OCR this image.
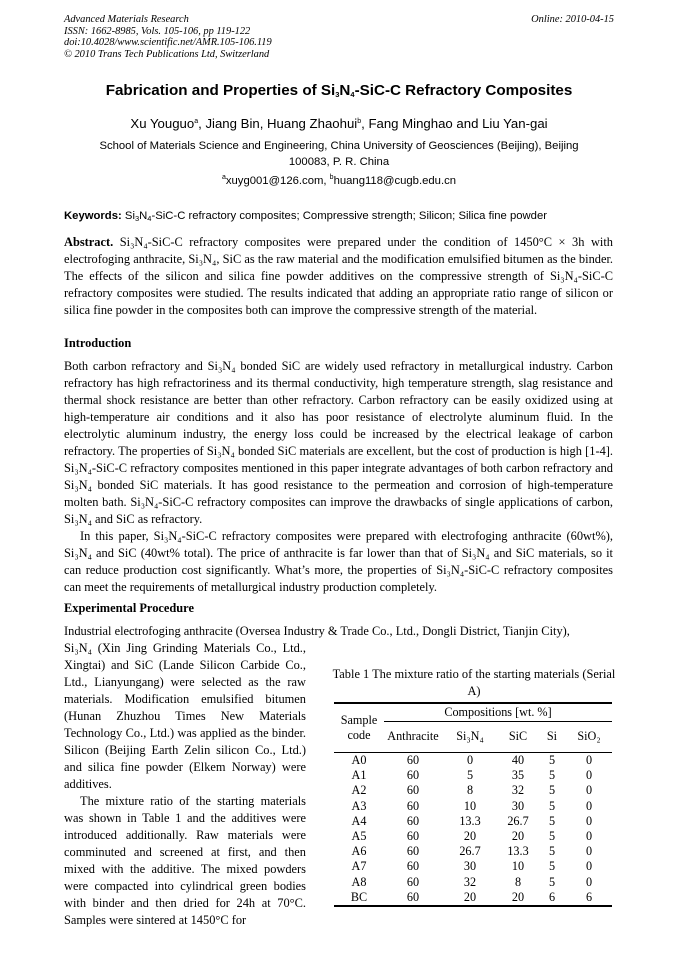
Advanced Materials Research
ISSN: 1662-8985, Vols. 105-106, pp 119-122
doi:10.4028/www.scientific.net/AMR.105-106.119
© 2010 Trans Tech Publications Ltd, Switzerland
Online: 2010-04-15
Fabrication and Properties of $Si_3N_4-SiC-C$ Refractory Composites
Xu Youguo$^a$, Jiang Bin, Huang Zhaohui$^b$, Fang Minghao and Liu Yan-gai
School of Materials Science and Engineering, China University of Geosciences (Beijing), Beijing
100083, P. R. China
$^a$xuyg001@126.com, $^b$huang118@cugb.edu.cn
Keywords: $Si_3N_4-SiC-C$ refractory composites; Compressive strength; Silicon; Silica fine powder
Abstract. Si₃N₄-SiC-C refractory composites were prepared under the condition of 1450°C × 3h with electrofoging anthracite, Si₃N₄, SiC as the raw material and the modification emulsified bitumen as the binder. The effects of the silicon and silica fine powder additives on the compressive strength of Si₃N₄-SiC-C refractory composites were studied. The results indicated that adding an appropriate ratio range of silicon or silica fine powder in the composites both can improve the compressive strength of the material.
Introduction

Both carbon refractory and Si₃N₄ bonded SiC are widely used refractory in metallurgical industry. Carbon refractory has high refractoriness and its thermal conductivity, high temperature strength, slag resistance and thermal shock resistance are better than other refractory. Carbon refractory can be easily oxidized using at high-temperature air conditions and it also has poor resistance of electrolyte aluminum fluid. In the electrolytic aluminum industry, the energy loss could be increased by the electrical leakage of carbon refractory. The properties of Si₃N₄ bonded SiC materials are excellent, but the cost of production is high [1-4]. Si₃N₄-SiC-C refractory composites mentioned in this paper integrate advantages of both carbon refractory and Si₃N₄ bonded SiC materials. It has good resistance to the permeation and corrosion of high-temperature molten bath. Si₃N₄-SiC-C refractory composites can improve the drawbacks of single applications of carbon, Si₃N₄ and SiC as refractory.

In this paper, Si₃N₄-SiC-C refractory composites were prepared with electrofoging anthracite (60wt%), Si₃N₄ and SiC (40wt% total). The price of anthracite is far lower than that of Si₃N₄ and SiC materials, so it can reduce production cost significantly. What’s more, the properties of Si₃N₄-SiC-C refractory composites can meet the requirements of metallurgical industry production completely.

Experimental Procedure
Industrial electrofoging anthracite (Oversea Industry & Trade Co., Ltd., Dongli District, Tianjin City),

Si₃N₄ (Xin Jing Grinding Materials Co., Ltd., Xingtai) and SiC (Lande Silicon Carbide Co., Ltd., Lianyungang) were selected as the raw materials. Modification emulsified bitumen (Hunan Zhuzhou Times New Materials Technology Co., Ltd.) was applied as the binder. Silicon (Beijing Earth Zelin silicon Co., Ltd.) and silica fine powder (Elkem Norway) were additives.

The mixture ratio of the starting materials was shown in Table 1 and the additives were introduced additionally. Raw materials were comminuted and screened at first, and then mixed with the additive. The mixed powders were compacted into cylindrical green bodies with binder and then dried for 24h at 70°C. Samples were sintered at 1450°C for

Table 1 The mixture ratio of the starting materials (Serial A)
Sample code	Compositions [wt. %]				
	Anthracite	Si₃N₄	SiC	Si	SiO₂
A0	60	0	40	5	0
A1	60	5	35	5	0
A2	60	8	32	5	0
A3	60	10	30	5	0
A4	60	13.3	26.7	5	0
A5	60	20	20	5	0
A6	60	26.7	13.3	5	0
A7	60	30	10	5	0
A8	60	32	8	5	0
BC	60	20	20	6	6
